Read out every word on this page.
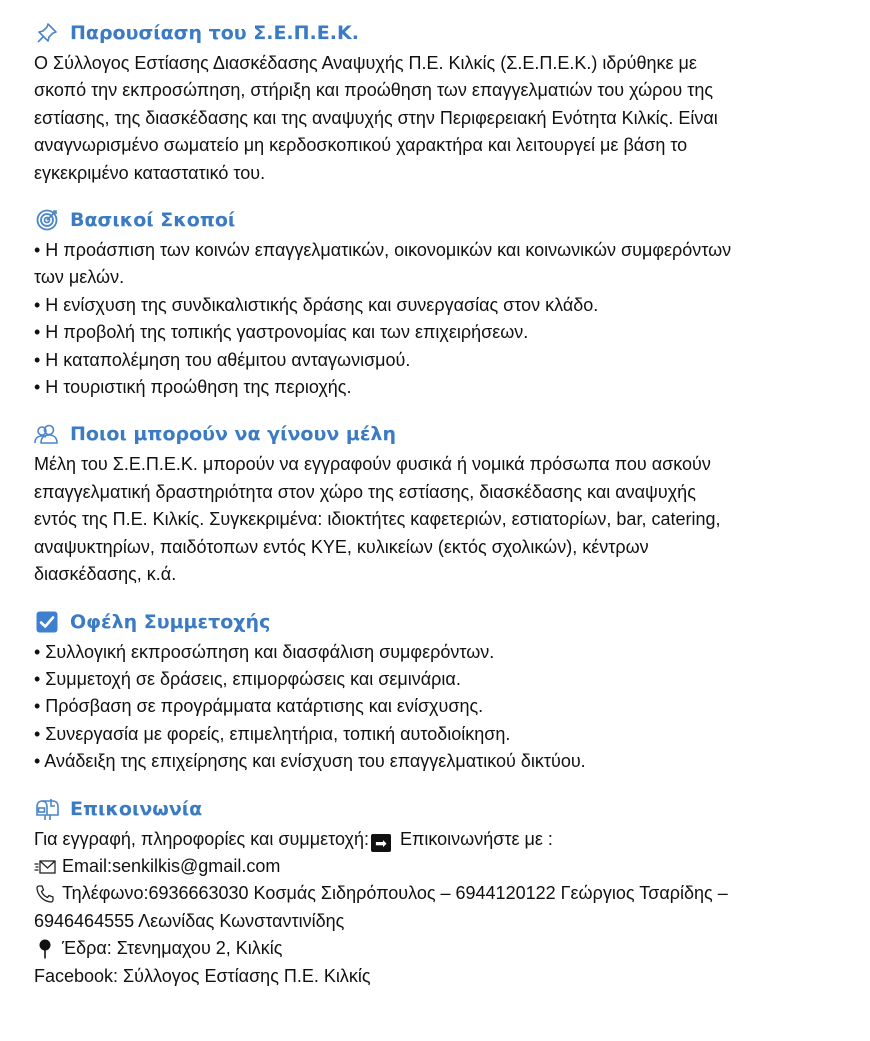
Παρουσίαση του Σ.Ε.Π.Ε.Κ.

Ο Σύλλογος Εστίασης Διασκέδασης Αναψυχής Π.Ε. Κιλκίς (Σ.Ε.Π.Ε.Κ.) ιδρύθηκε με

σκοπό την εκπροσώπηση, στήριξη και προώθηση των επαγγελματιών του χώρου της

εστίασης, της διασκέδασης και της αναψυχής στην Περιφερειακή Ενότητα Κιλκίς. Είναι

αναγνωρισμένο σωματείο μη κερδοσκοπικού χαρακτήρα και λειτουργεί με βάση το

εγκεκριμένο καταστατικό του.

Βασικοί Σκοποί

• Η προάσπιση των κοινών επαγγελματικών, οικονομικών και κοινωνικών συμφερόντων

των μελών.

• Η ενίσχυση της συνδικαλιστικής δράσης και συνεργασίας στον κλάδο.

• Η προβολή της τοπικής γαστρονομίας και των επιχειρήσεων.

• Η καταπολέμηση του αθέμιτου ανταγωνισμού.

• Η τουριστική προώθηση της περιοχής.

Ποιοι μπορούν να γίνουν μέλη

Μέλη του Σ.Ε.Π.Ε.Κ. μπορούν να εγγραφούν φυσικά ή νομικά πρόσωπα που ασκούν

επαγγελματική δραστηριότητα στον χώρο της εστίασης, διασκέδασης και αναψυχής

εντός της Π.Ε. Κιλκίς. Συγκεκριμένα: ιδιοκτήτες καφετεριών, εστιατορίων, bar, catering,

αναψυκτηρίων, παιδότοπων εντός ΚΥΕ, κυλικείων (εκτός σχολικών), κέντρων

διασκέδασης, κ.ά.

Οφέλη Συμμετοχής

• Συλλογική εκπροσώπηση και διασφάλιση συμφερόντων.

• Συμμετοχή σε δράσεις, επιμορφώσεις και σεμινάρια.

• Πρόσβαση σε προγράμματα κατάρτισης και ενίσχυσης.

• Συνεργασία με φορείς, επιμελητήρια, τοπική αυτοδιοίκηση.

• Ανάδειξη της επιχείρησης και ενίσχυση του επαγγελματικού δικτύου.

Επικοινωνία

Για εγγραφή, πληροφορίες και συμμετοχή: ➡ Επικοινωνήστε με :

Email:senkilkis@gmail.com

Τηλέφωνο:6936663030 Κοσμάς Σιδηρόπουλος – 6944120122 Γεώργιος Τσαρίδης –

6946464555 Λεωνίδας Κωνσταντινίδης

Έδρα: Στενημαχου 2, Κιλκίς

Facebook: Σύλλογος Εστίασης Π.Ε. Κιλκίς
